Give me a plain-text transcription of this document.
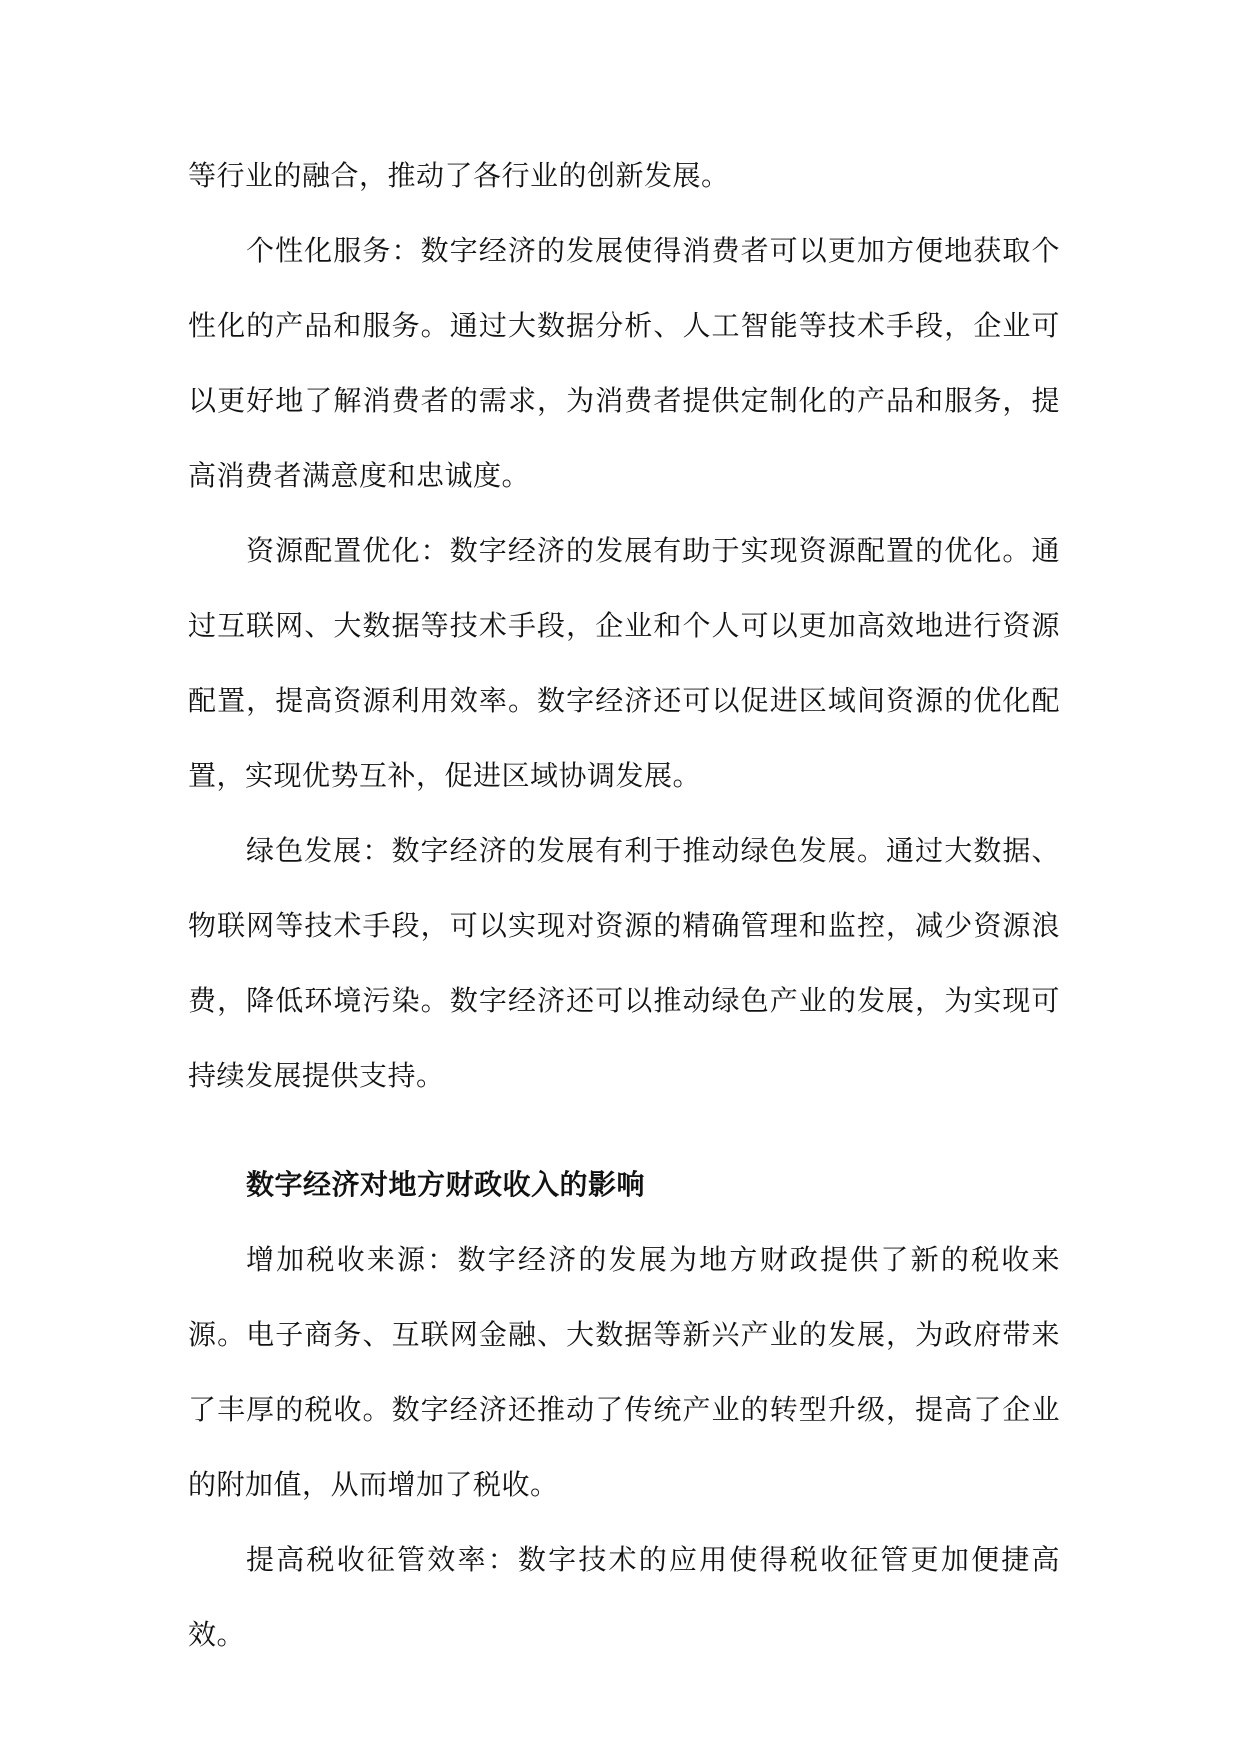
等行业的融合，推动了各行业的创新发展。

个性化服务：数字经济的发展使得消费者可以更加方便地获取个性化的产品和服务。通过大数据分析、人工智能等技术手段，企业可以更好地了解消费者的需求，为消费者提供定制化的产品和服务，提高消费者满意度和忠诚度。

资源配置优化：数字经济的发展有助于实现资源配置的优化。通过互联网、大数据等技术手段，企业和个人可以更加高效地进行资源配置，提高资源利用效率。数字经济还可以促进区域间资源的优化配置，实现优势互补，促进区域协调发展。

绿色发展：数字经济的发展有利于推动绿色发展。通过大数据、物联网等技术手段，可以实现对资源的精确管理和监控，减少资源浪费，降低环境污染。数字经济还可以推动绿色产业的发展，为实现可持续发展提供支持。

数字经济对地方财政收入的影响

增加税收来源：数字经济的发展为地方财政提供了新的税收来源。电子商务、互联网金融、大数据等新兴产业的发展，为政府带来了丰厚的税收。数字经济还推动了传统产业的转型升级，提高了企业的附加值，从而增加了税收。

提高税收征管效率：数字技术的应用使得税收征管更加便捷高效。
